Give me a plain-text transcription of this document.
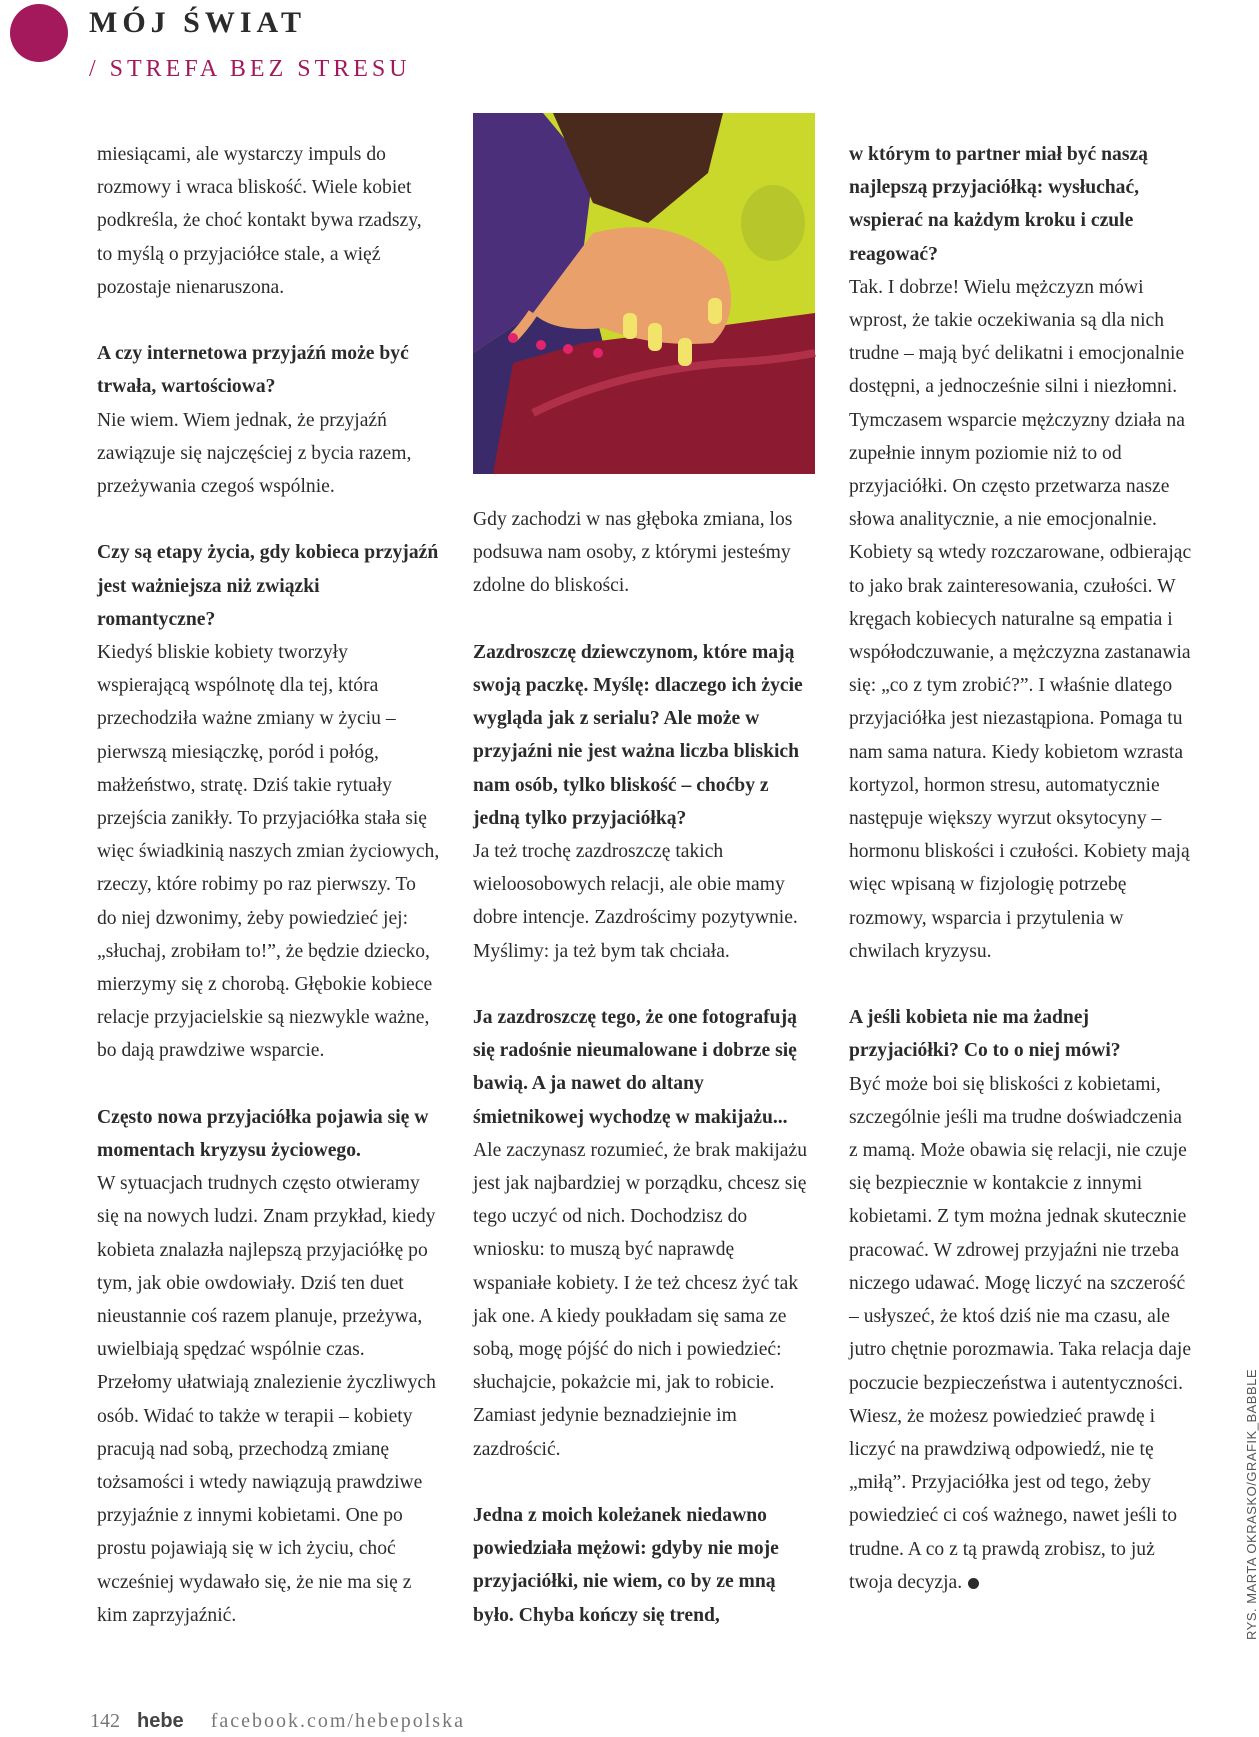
MÓJ ŚWIAT
/ STREFA BEZ STRESU

miesiącami, ale wystarczy impuls do rozmowy i wraca bliskość. Wiele kobiet podkreśla, że choć kontakt bywa rzadszy, to myślą o przyjaciółce stale, a więź pozostaje nienaruszona.

A czy internetowa przyjaźń może być trwała, wartościowa?

Nie wiem. Wiem jednak, że przyjaźń zawiązuje się najczęściej z bycia razem, przeżywania czegoś wspólnie.

Czy są etapy życia, gdy kobieca przyjaźń jest ważniejsza niż związki romantyczne?

Kiedyś bliskie kobiety tworzyły wspierającą wspólnotę dla tej, która przechodziła ważne zmiany w życiu – pierwszą miesiączkę, poród i połóg, małżeństwo, stratę. Dziś takie rytuały przejścia zanikły. To przyjaciółka stała się więc świadkinią naszych zmian życiowych, rzeczy, które robimy po raz pierwszy. To do niej dzwonimy, żeby powiedzieć jej: „słuchaj, zrobiłam to!”, że będzie dziecko, mierzymy się z chorobą. Głębokie kobiece relacje przyjacielskie są niezwykle ważne, bo dają prawdziwe wsparcie.

Często nowa przyjaciółka pojawia się w momentach kryzysu życiowego.

W sytuacjach trudnych często otwieramy się na nowych ludzi. Znam przykład, kiedy kobieta znalazła najlepszą przyjaciółkę po tym, jak obie owdowiały. Dziś ten duet nieustannie coś razem planuje, przeżywa, uwielbiają spędzać wspólnie czas. Przełomy ułatwiają znalezienie życzliwych osób. Widać to także w terapii – kobiety pracują nad sobą, przechodzą zmianę tożsamości i wtedy nawiązują prawdziwe przyjaźnie z innymi kobietami. One po prostu pojawiają się w ich życiu, choć wcześniej wydawało się, że nie ma się z kim zaprzyjaźnić.

Gdy zachodzi w nas głęboka zmiana, los podsuwa nam osoby, z którymi jesteśmy zdolne do bliskości.

Zazdroszczę dziewczynom, które mają swoją paczkę. Myślę: dlaczego ich życie wygląda jak z serialu? Ale może w przyjaźni nie jest ważna liczba bliskich nam osób, tylko bliskość – choćby z jedną tylko przyjaciółką?

Ja też trochę zazdroszczę takich wieloosobowych relacji, ale obie mamy dobre intencje. Zazdrościmy pozytywnie. Myślimy: ja też bym tak chciała.

Ja zazdroszczę tego, że one fotografują się radośnie nieumalowane i dobrze się bawią. A ja nawet do altany śmietnikowej wychodzę w makijażu...

Ale zaczynasz rozumieć, że brak makijażu jest jak najbardziej w porządku, chcesz się tego uczyć od nich. Dochodzisz do wniosku: to muszą być naprawdę wspaniałe kobiety. I że też chcesz żyć tak jak one. A kiedy poukładam się sama ze sobą, mogę pójść do nich i powiedzieć: słuchajcie, pokażcie mi, jak to robicie. Zamiast jedynie beznadziejnie im zazdrościć.

Jedna z moich koleżanek niedawno powiedziała mężowi: gdyby nie moje przyjaciółki, nie wiem, co by ze mną było. Chyba kończy się trend,

w którym to partner miał być naszą najlepszą przyjaciółką: wysłuchać, wspierać na każdym kroku i czule reagować?

Tak. I dobrze! Wielu mężczyzn mówi wprost, że takie oczekiwania są dla nich trudne – mają być delikatni i emocjonalnie dostępni, a jednocześnie silni i niezłomni. Tymczasem wsparcie mężczyzny działa na zupełnie innym poziomie niż to od przyjaciółki. On często przetwarza nasze słowa analitycznie, a nie emocjonalnie. Kobiety są wtedy rozczarowane, odbierając to jako brak zainteresowania, czułości. W kręgach kobiecych naturalne są empatia i współodczuwanie, a mężczyzna zastanawia się: „co z tym zrobić?”. I właśnie dlatego przyjaciółka jest niezastąpiona. Pomaga tu nam sama natura. Kiedy kobietom wzrasta kortyzol, hormon stresu, automatycznie następuje większy wyrzut oksytocyny – hormonu bliskości i czułości. Kobiety mają więc wpisaną w fizjologię potrzebę rozmowy, wsparcia i przytulenia w chwilach kryzysu.

A jeśli kobieta nie ma żadnej przyjaciółki? Co to o niej mówi?

Być może boi się bliskości z kobietami, szczególnie jeśli ma trudne doświadczenia z mamą. Może obawia się relacji, nie czuje się bezpiecznie w kontakcie z innymi kobietami. Z tym można jednak skutecznie pracować. W zdrowej przyjaźni nie trzeba niczego udawać. Mogę liczyć na szczerość – usłyszeć, że ktoś dziś nie ma czasu, ale jutro chętnie porozmawia. Taka relacja daje poczucie bezpieczeństwa i autentyczności. Wiesz, że możesz powiedzieć prawdę i liczyć na prawdziwą odpowiedź, nie tę „miłą”. Przyjaciółka jest od tego, żeby powiedzieć ci coś ważnego, nawet jeśli to trudne. A co z tą prawdą zrobisz, to już twoja decyzja.	RYS. MARTA OKRASKO/GRAFIK_BABBLE
142 hebe facebook.com/hebepolska
